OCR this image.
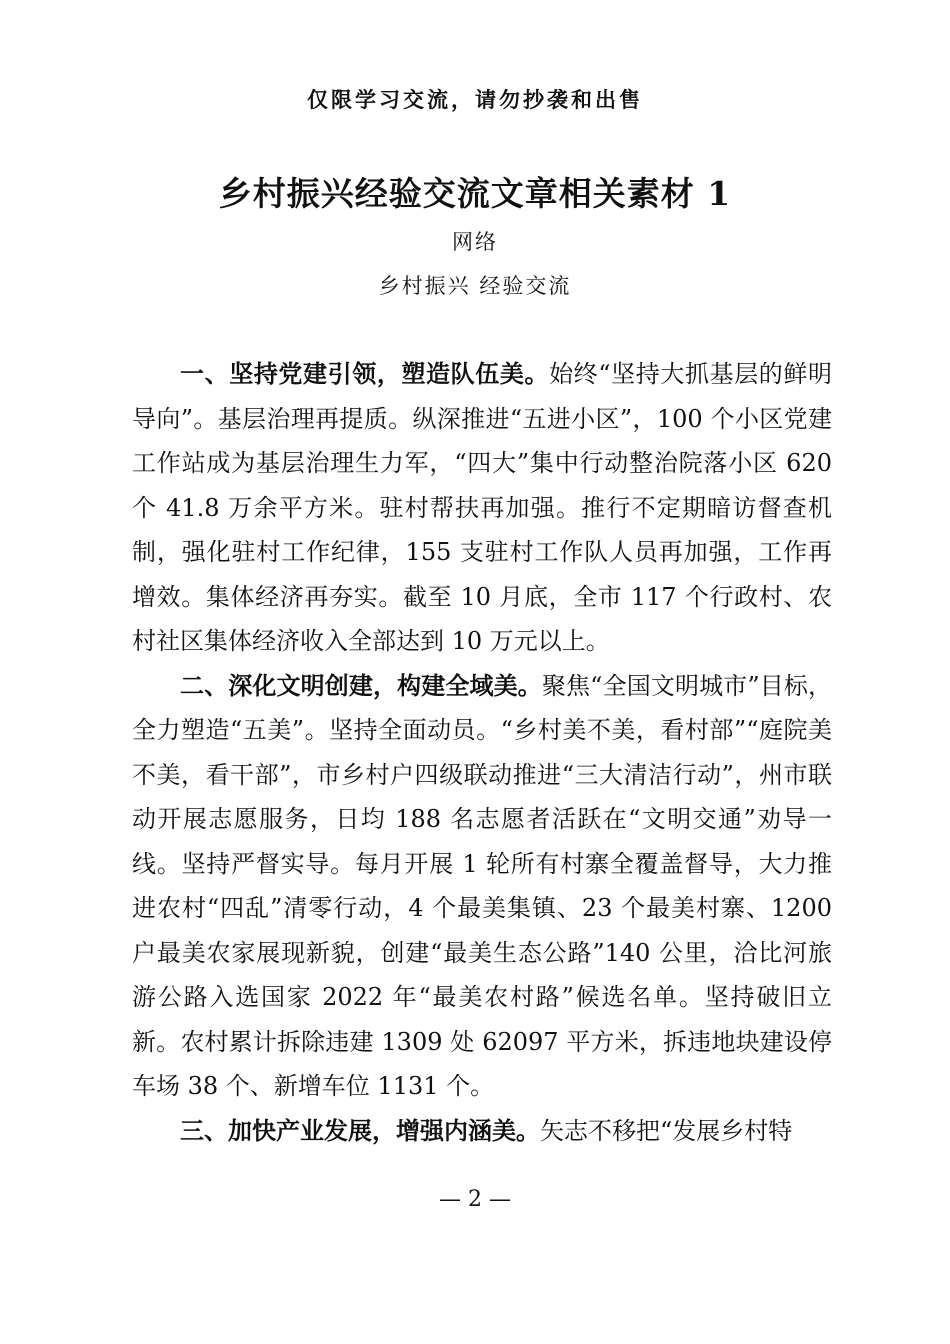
仅限学习交流，请勿抄袭和出售
乡村振兴经验交流文章相关素材 1
网络
乡村振兴 经验交流

一、坚持党建引领，塑造队伍美。始终“坚持大抓基层的鲜明导向”。基层治理再提质。纵深推进“五进小区”，100 个小区党建工作站成为基层治理生力军，“四大”集中行动整治院落小区 620 个 41.8 万余平方米。驻村帮扶再加强。推行不定期暗访督查机制，强化驻村工作纪律，155 支驻村工作队人员再加强，工作再增效。集体经济再夯实。截至 10 月底，全市 117 个行政村、农村社区集体经济收入全部达到 10 万元以上。

二、深化文明创建，构建全域美。聚焦“全国文明城市”目标，全力塑造“五美”。坚持全面动员。“乡村美不美，看村部”“庭院美不美，看干部”，市乡村户四级联动推进“三大清洁行动”，州市联动开展志愿服务，日均 188 名志愿者活跃在“文明交通”劝导一线。坚持严督实导。每月开展 1 轮所有村寨全覆盖督导，大力推进农村“四乱”清零行动，4 个最美集镇、23 个最美村寨、1200 户最美农家展现新貌，创建“最美生态公路”140 公里，洽比河旅游公路入选国家 2022 年“最美农村路”候选名单。坚持破旧立新。农村累计拆除违建 1309 处 62097 平方米，拆违地块建设停车场 38 个、新增车位 1131 个。

三、加快产业发展，增强内涵美。矢志不移把“发展乡村特

— 2 —
